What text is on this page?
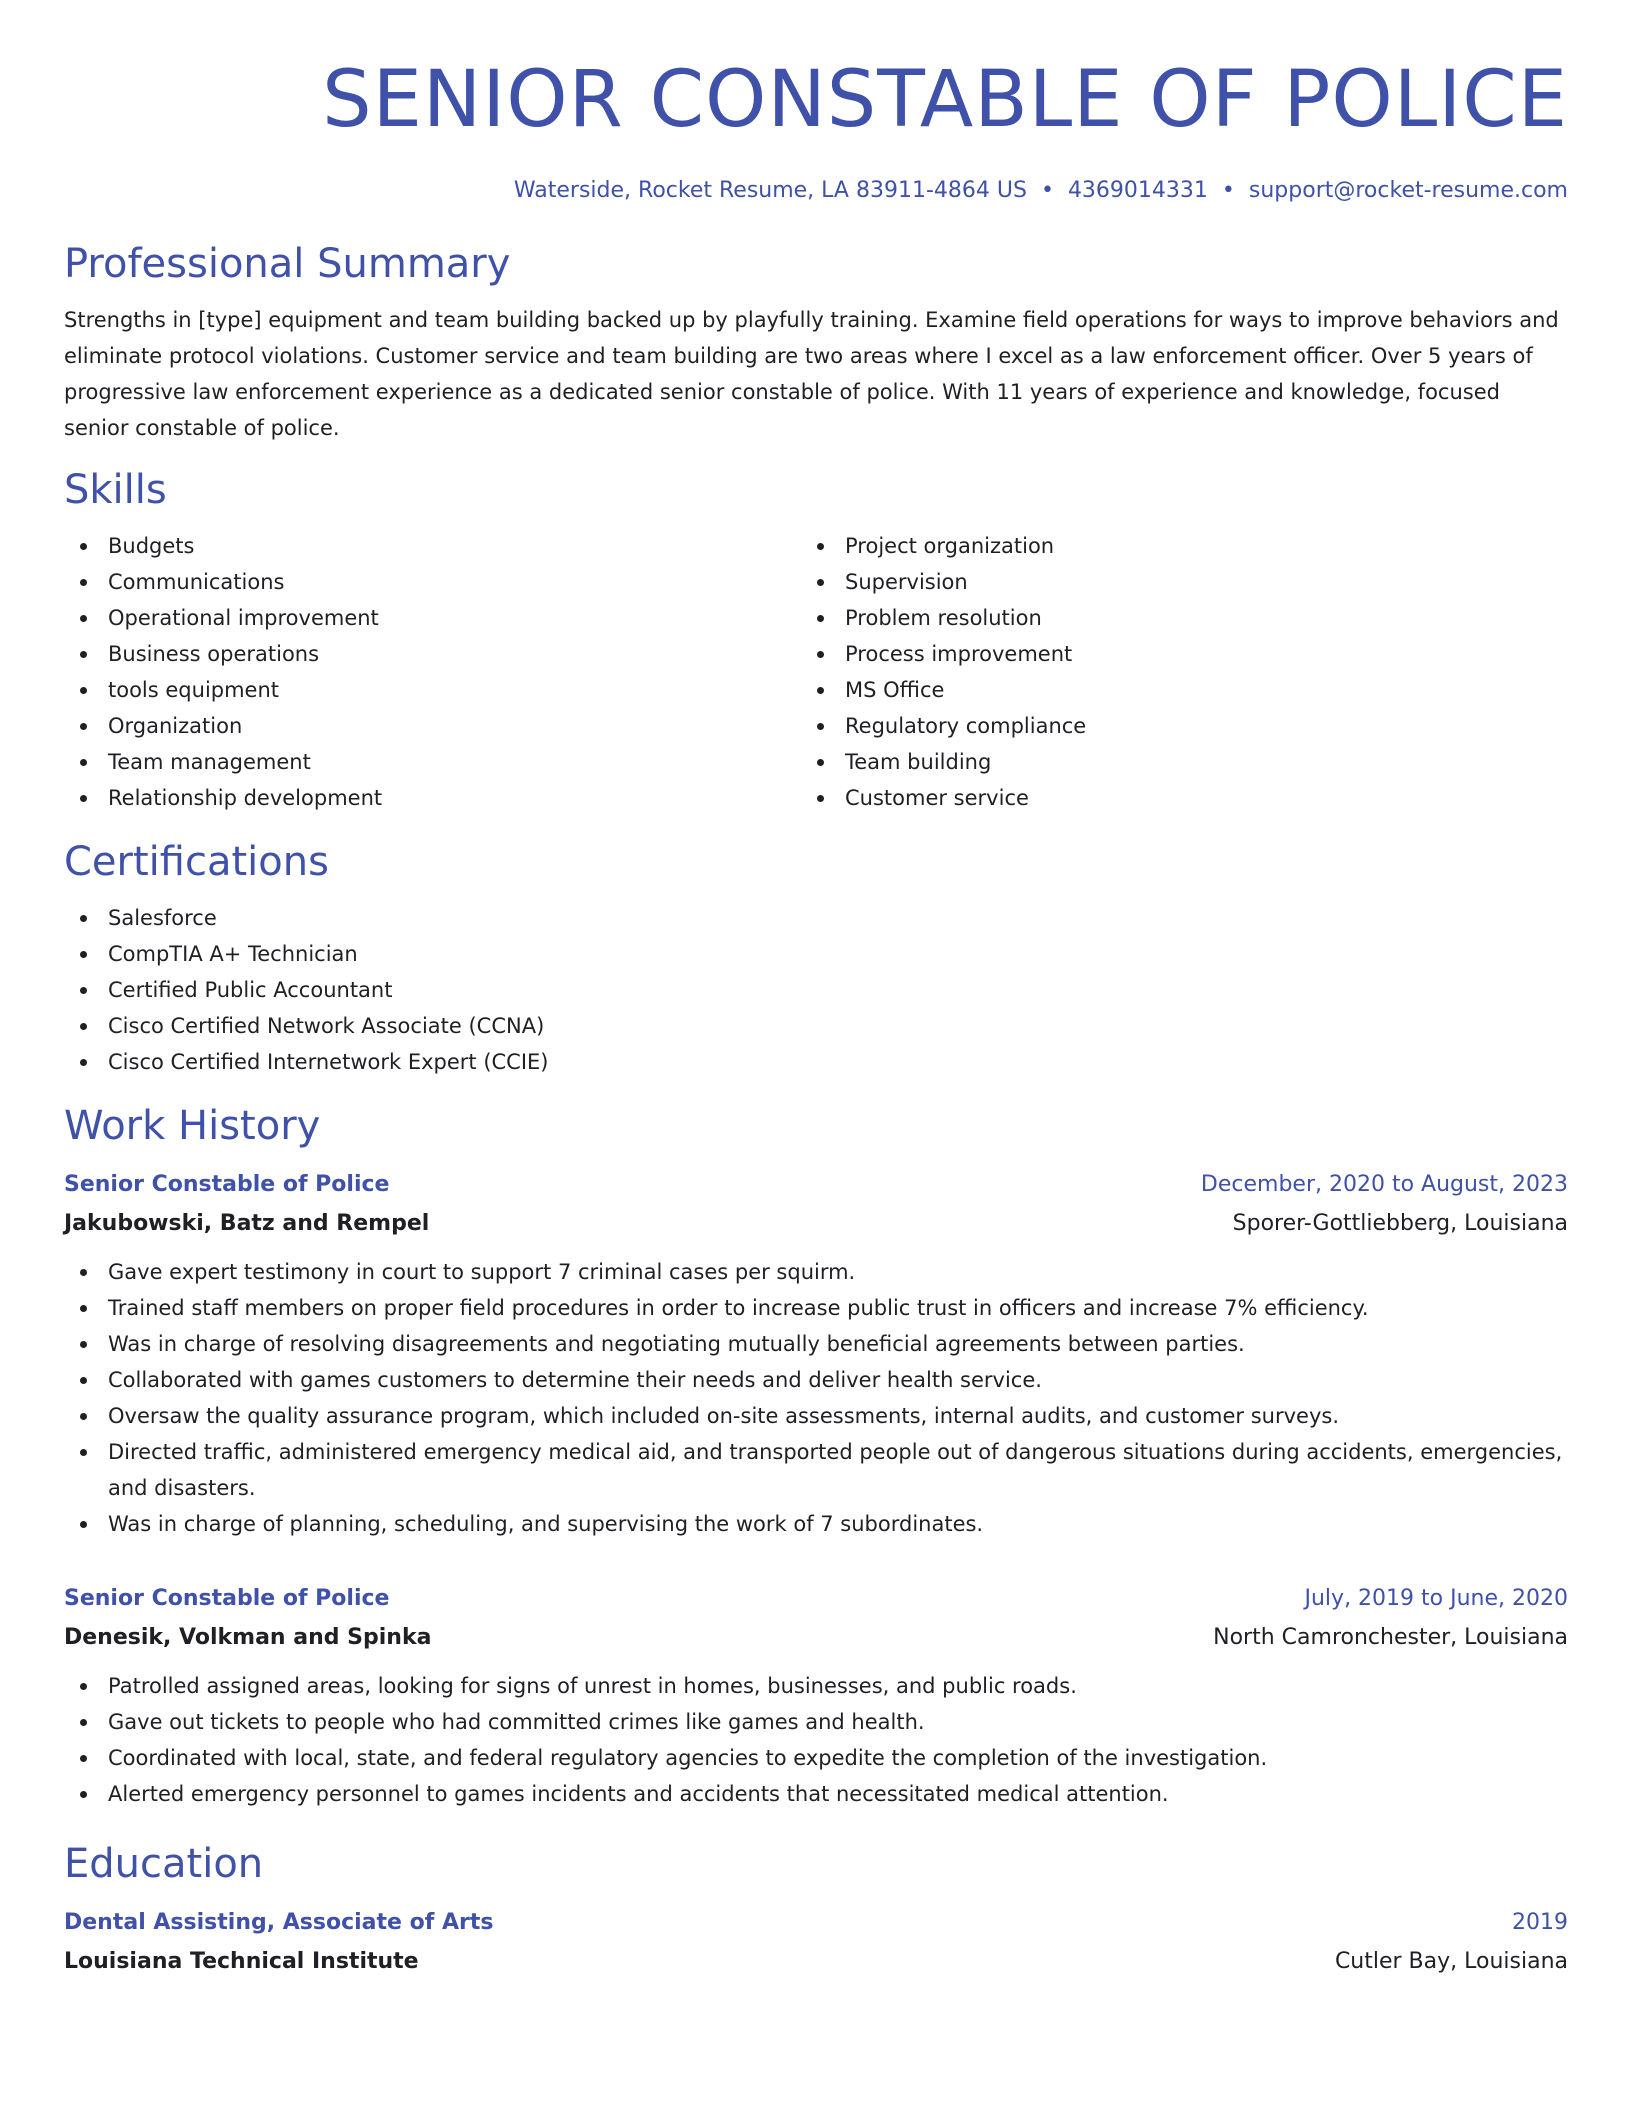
SENIOR CONSTABLE OF POLICE
Waterside, Rocket Resume, LA 83911-4864 US • 4369014331 • support@rocket-resume.com
Professional Summary

Strengths in [type] equipment and team building backed up by playfully training. Examine field operations for ways to improve behaviors and eliminate protocol violations. Customer service and team building are two areas where I excel as a law enforcement officer. Over 5 years of progressive law enforcement experience as a dedicated senior constable of police. With 11 years of experience and knowledge, focused senior constable of police.

Skills
Budgets
Communications
Operational improvement
Business operations
tools equipment
Organization
Team management
Relationship development
Project organization
Supervision
Problem resolution
Process improvement
MS Office
Regulatory compliance
Team building
Customer service
Certifications
Salesforce
CompTIA A+ Technician
Certified Public Accountant
Cisco Certified Network Associate (CCNA)
Cisco Certified Internetwork Expert (CCIE)
Work History
Senior Constable of Police	December, 2020 to August, 2023
Jakubowski, Batz and Rempel	Sporer-Gottliebberg, Louisiana
Gave expert testimony in court to support 7 criminal cases per squirm.
Trained staff members on proper field procedures in order to increase public trust in officers and increase 7% efficiency.
Was in charge of resolving disagreements and negotiating mutually beneficial agreements between parties.
Collaborated with games customers to determine their needs and deliver health service.
Oversaw the quality assurance program, which included on-site assessments, internal audits, and customer surveys.
Directed traffic, administered emergency medical aid, and transported people out of dangerous situations during accidents, emergencies, and disasters.
Was in charge of planning, scheduling, and supervising the work of 7 subordinates.
Senior Constable of Police	July, 2019 to June, 2020
Denesik, Volkman and Spinka	North Camronchester, Louisiana
Patrolled assigned areas, looking for signs of unrest in homes, businesses, and public roads.
Gave out tickets to people who had committed crimes like games and health.
Coordinated with local, state, and federal regulatory agencies to expedite the completion of the investigation.
Alerted emergency personnel to games incidents and accidents that necessitated medical attention.
Education
Dental Assisting, Associate of Arts	2019
Louisiana Technical Institute	Cutler Bay, Louisiana
